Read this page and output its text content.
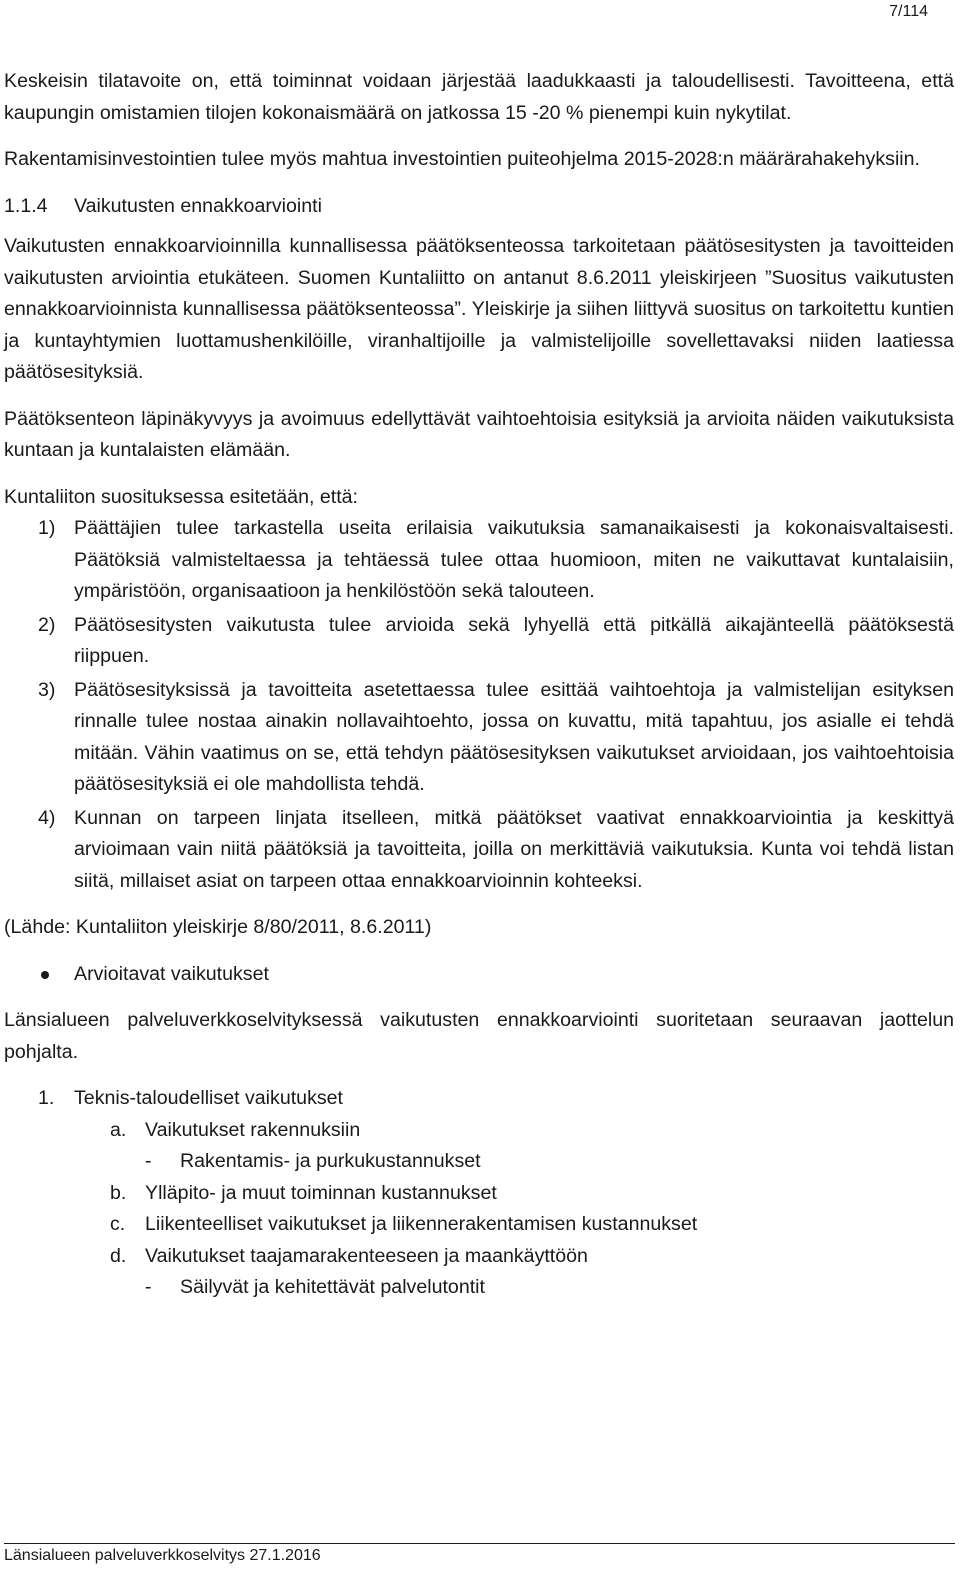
7/114

Keskeisin tilatavoite on, että toiminnat voidaan järjestää laadukkaasti ja taloudellisesti. Tavoitteena, että kaupungin omistamien tilojen kokonaismäärä on jatkossa 15 -20 % pienempi kuin nykytilat.

Rakentamisinvestointien tulee myös mahtua investointien puiteohjelma 2015-2028:n määrärahakehyksiin.

1.1.4 Vaikutusten ennakkoarviointi

Vaikutusten ennakkoarvioinnilla kunnallisessa päätöksenteossa tarkoitetaan päätösesitysten ja tavoitteiden vaikutusten arviointia etukäteen. Suomen Kuntaliitto on antanut 8.6.2011 yleiskirjeen ”Suositus vaikutusten ennakkoarvioinnista kunnallisessa päätöksenteossa”. Yleiskirje ja siihen liittyvä suositus on tarkoitettu kuntien ja kuntayhtymien luottamushenkilöille, viranhaltijoille ja valmistelijoille sovellettavaksi niiden laatiessa päätösesityksiä.

Päätöksenteon läpinäkyvyys ja avoimuus edellyttävät vaihtoehtoisia esityksiä ja arvioita näiden vaikutuksista kuntaan ja kuntalaisten elämään.

Kuntaliiton suosituksessa esitetään, että:

1) Päättäjien tulee tarkastella useita erilaisia vaikutuksia samanaikaisesti ja kokonaisvaltaisesti. Päätöksiä valmisteltaessa ja tehtäessä tulee ottaa huomioon, miten ne vaikuttavat kuntalaisiin, ympäristöön, organisaatioon ja henkilöstöön sekä talouteen.
2) Päätösesitysten vaikutusta tulee arvioida sekä lyhyellä että pitkällä aikajänteellä päätöksestä riippuen.
3) Päätösesityksissä ja tavoitteita asetettaessa tulee esittää vaihtoehtoja ja valmistelijan esityksen rinnalle tulee nostaa ainakin nollavaihtoehto, jossa on kuvattu, mitä tapahtuu, jos asialle ei tehdä mitään. Vähin vaatimus on se, että tehdyn päätösesityksen vaikutukset arvioidaan, jos vaihtoehtoisia päätösesityksiä ei ole mahdollista tehdä.
4) Kunnan on tarpeen linjata itselleen, mitkä päätökset vaativat ennakkoarviointia ja keskittyä arvioimaan vain niitä päätöksiä ja tavoitteita, joilla on merkittäviä vaikutuksia. Kunta voi tehdä listan siitä, millaiset asiat on tarpeen ottaa ennakkoarvioinnin kohteeksi.

(Lähde: Kuntaliiton yleiskirje 8/80/2011, 8.6.2011)

Arvioitavat vaikutukset

Länsialueen palveluverkkoselvityksessä vaikutusten ennakkoarviointi suoritetaan seuraavan jaottelun pohjalta.

1. Teknis-taloudelliset vaikutukset
a. Vaikutukset rakennuksiin
- Rakentamis- ja purkukustannukset
b. Ylläpito- ja muut toiminnan kustannukset
c. Liikenteelliset vaikutukset ja liikennerakentamisen kustannukset
d. Vaikutukset taajamarakenteeseen ja maankäyttöön
- Säilyvät ja kehitettävät palvelutontit
Länsialueen palveluverkkoselvitys 27.1.2016
